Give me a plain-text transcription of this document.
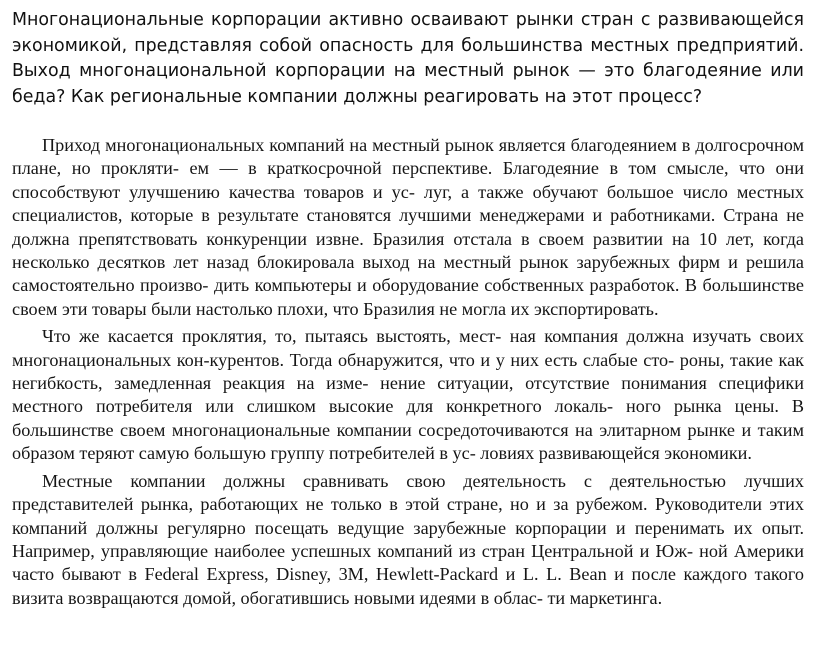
Многонациональные корпорации активно осваивают рынки стран с развивающейся экономикой, представляя собой опасность для большинства местных предприятий. Выход многонациональной корпорации на местный рынок — это благодеяние или беда? Как региональные компании должны реагировать на этот процесс?

Приход многонациональных компаний на местный рынок является благодеянием в долгосрочном плане, но прокляти- ем — в краткосрочной перспективе. Благодеяние в том смысле, что они способствуют улучшению качества товаров и ус- луг, а также обучают большое число местных специалистов, которые в результате становятся лучшими менеджерами и работниками. Страна не должна препятствовать конкуренции извне. Бразилия отстала в своем развитии на 10 лет, когда несколько десятков лет назад блокировала выход на местный рынок зарубежных фирм и решила самостоятельно произво- дить компьютеры и оборудование собственных разработок. В большинстве своем эти товары были настолько плохи, что Бразилия не могла их экспортировать.

Что же касается проклятия, то, пытаясь выстоять, мест- ная компания должна изучать своих многонациональных кон-курентов. Тогда обнаружится, что и у них есть слабые сто- роны, такие как негибкость, замедленная реакция на изме- нение ситуации, отсутствие понимания специфики местного потребителя или слишком высокие для конкретного локаль- ного рынка цены. В большинстве своем многонациональные компании сосредоточиваются на элитарном рынке и таким образом теряют самую большую группу потребителей в ус- ловиях развивающейся экономики.

Местные компании должны сравнивать свою деятельность с деятельностью лучших представителей рынка, работающих не только в этой стране, но и за рубежом. Руководители этих компаний должны регулярно посещать ведущие зарубежные корпорации и перенимать их опыт. Например, управляющие наиболее успешных компаний из стран Центральной и Юж- ной Америки часто бывают в Federal Express, Disney, 3M, Hewlett-Packard и L. L. Bean и после каждого такого визита возвращаются домой, обогатившись новыми идеями в облас- ти маркетинга.
